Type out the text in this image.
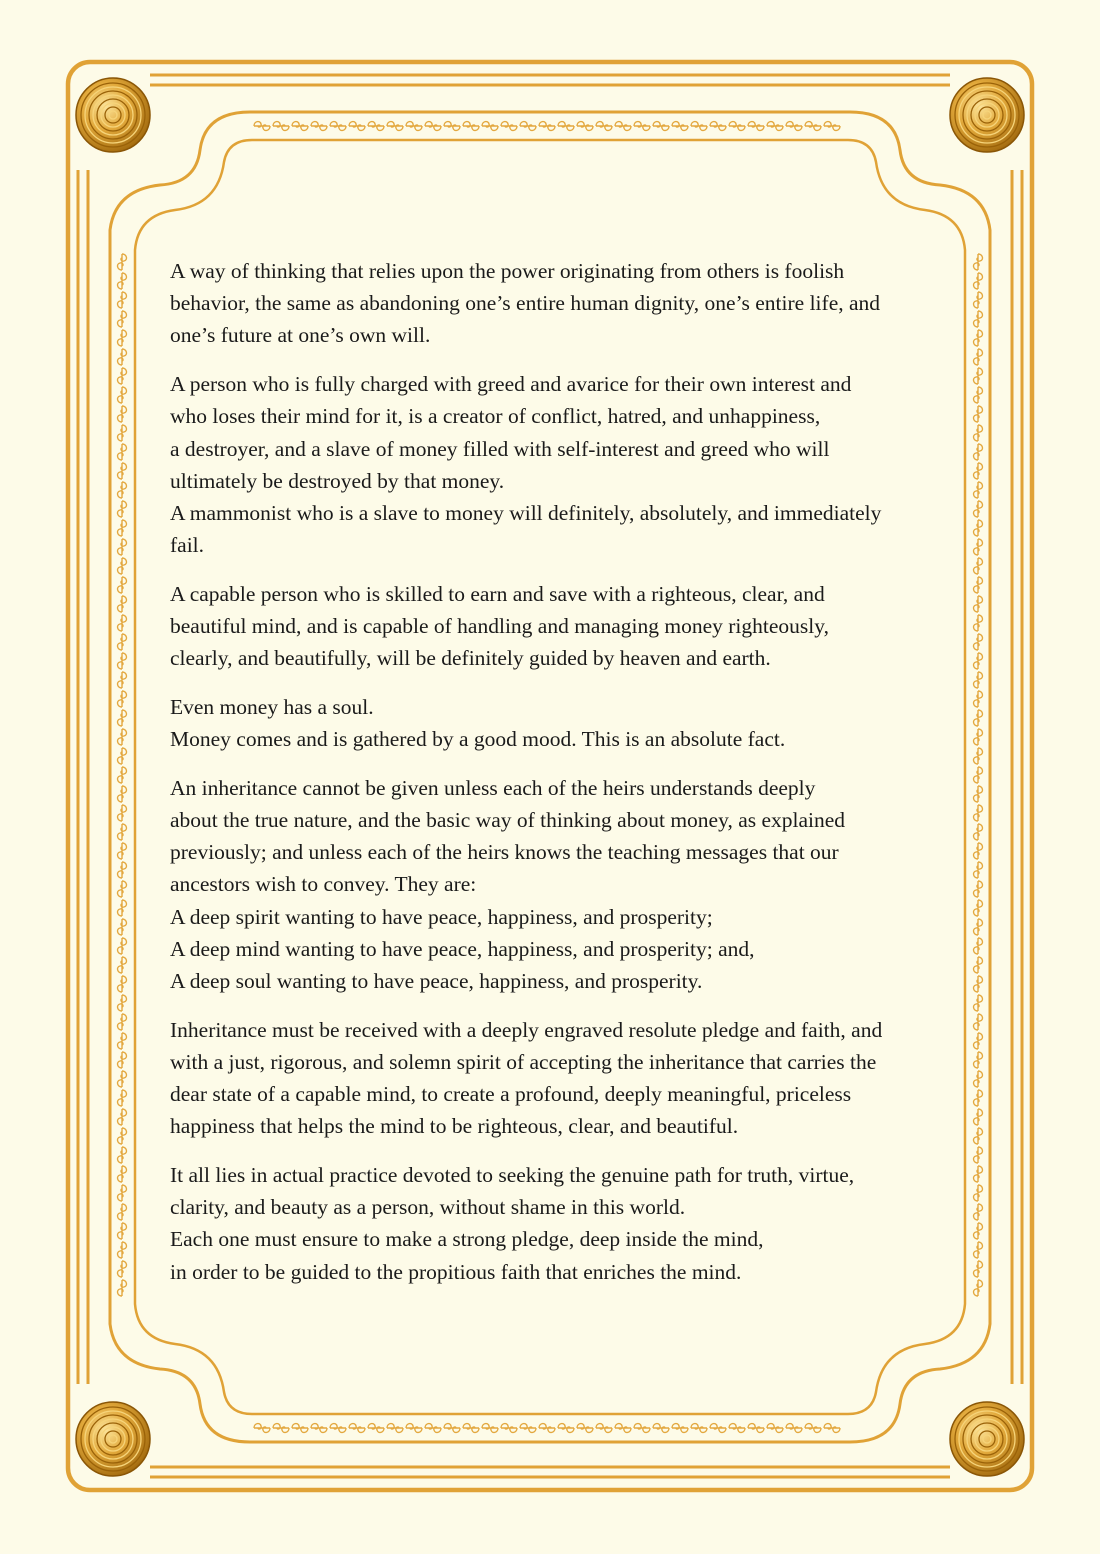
A way of thinking that relies upon the power originating from others is foolish
behavior, the same as abandoning one’s entire human dignity, one’s entire life, and
one’s future at one’s own will.
A person who is fully charged with greed and avarice for their own interest and
who loses their mind for it, is a creator of conflict, hatred, and unhappiness,
a destroyer, and a slave of money filled with self-interest and greed who will
ultimately be destroyed by that money.
A mammonist who is a slave to money will definitely, absolutely, and immediately
fail.
A capable person who is skilled to earn and save with a righteous, clear, and
beautiful mind, and is capable of handling and managing money righteously,
clearly, and beautifully, will be definitely guided by heaven and earth.
Even money has a soul.
Money comes and is gathered by a good mood. This is an absolute fact.
An inheritance cannot be given unless each of the heirs understands deeply
about the true nature, and the basic way of thinking about money, as explained
previously; and unless each of the heirs knows the teaching messages that our
ancestors wish to convey. They are:
A deep spirit wanting to have peace, happiness, and prosperity;
A deep mind wanting to have peace, happiness, and prosperity; and,
A deep soul wanting to have peace, happiness, and prosperity.
Inheritance must be received with a deeply engraved resolute pledge and faith, and
with a just, rigorous, and solemn spirit of accepting the inheritance that carries the
dear state of a capable mind, to create a profound, deeply meaningful, priceless
happiness that helps the mind to be righteous, clear, and beautiful.
It all lies in actual practice devoted to seeking the genuine path for truth, virtue,
clarity, and beauty as a person, without shame in this world.
Each one must ensure to make a strong pledge, deep inside the mind,
in order to be guided to the propitious faith that enriches the mind.
